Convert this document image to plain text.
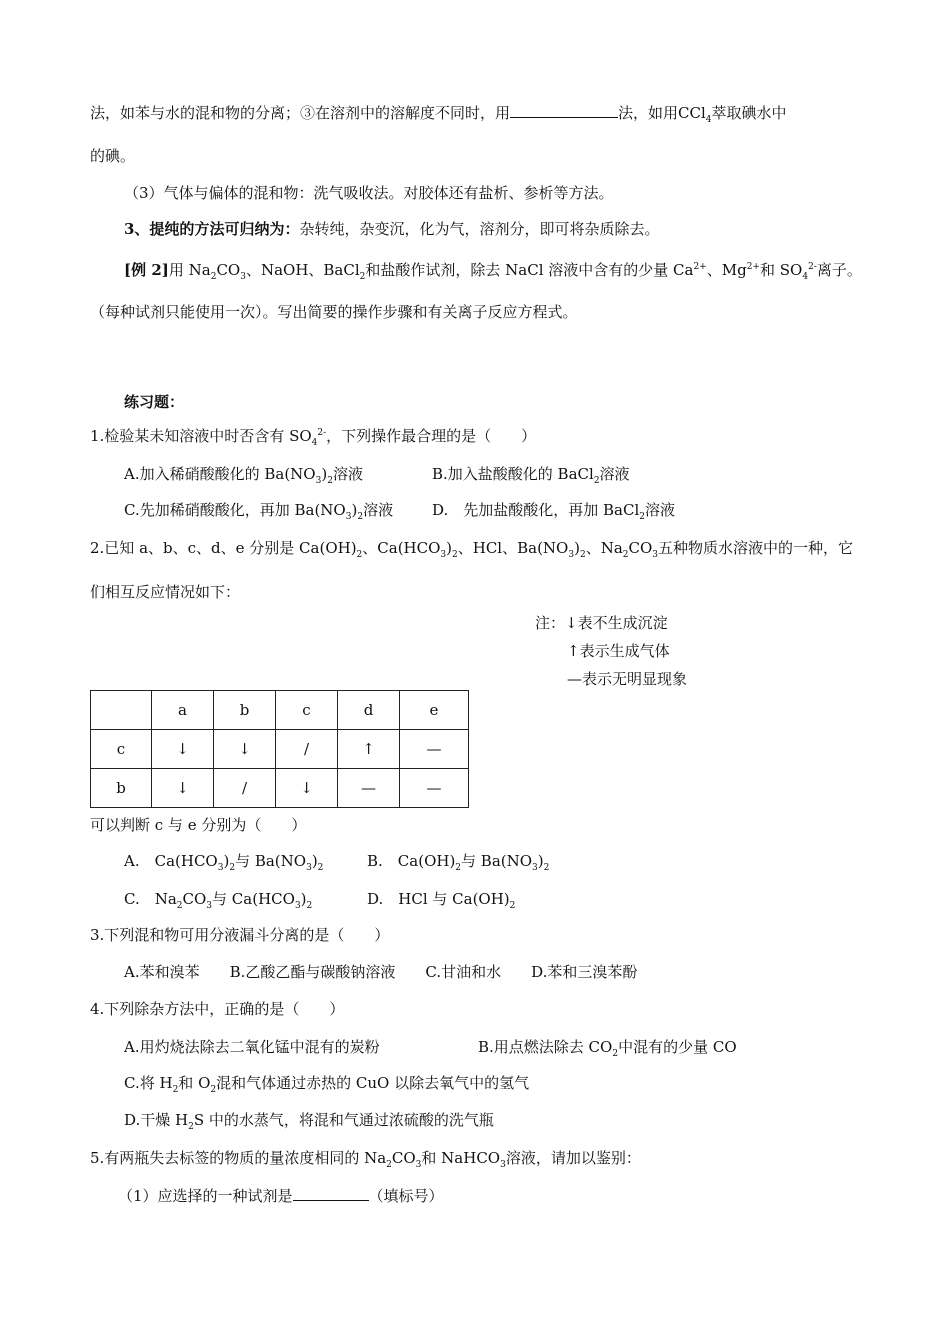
法，如苯与水的混和物的分离；③在溶剂中的溶解度不同时，用	法，如用CCl$_4$萃取碘水中
的碘。
（3）气体与偏体的混和物：洗气吸收法。对胶体还有盐析、参析等方法。
3、提纯的方法可归纳为：杂转纯，杂变沉，化为气，溶剂分，即可将杂质除去。
[例 2]用 $Na_2CO_3$、NaOH、BaCl$_2$和盐酸作试剂，除去 NaCl 溶液中含有的少量 $Ca^{2+}$、$Mg^{2+}$和 $SO_4^{2-}$离子。
（每种试剂只能使用一次）。写出简要的操作步骤和有关离子反应方程式。
练习题：
1.检验某未知溶液中时否含有 $SO_4^{2-}$，下列操作最合理的是（　　）
A.加入稀硝酸酸化的 $Ba(NO_3)_2$溶液	B.加入盐酸酸化的 BaCl$_2$溶液
C.先加稀硝酸酸化，再加 $Ba(NO_3)_2$溶液	D.　先加盐酸酸化，再加 BaCl$_2$溶液
2.已知 a、b、c、d、e 分别是 $Ca(OH)_2$、$Ca(HCO_3)_2$、HCl、$Ba(NO_3)_2$、$Na_2CO_3$五种物质水溶液中的一种，它
们相互反应情况如下：
注：↓表不生成沉淀
↑表示生成气体
—表示无明显现象
	a	b	c	d	e
c	↓	↓	/	↑	—
b	↓	/	↓	—	—
可以判断 c 与 e 分别为（　　）
A.　$Ca(HCO_3)_2$与 $Ba(NO_3)_2$	B.　$Ca(OH)_2$与 $Ba(NO_3)_2$
C.　$Na_2CO_3$与 $Ca(HCO_3)_2$	D.　HCl 与 $Ca(OH)_2$
3.下列混和物可用分液漏斗分离的是（　　）
A.苯和溴苯　　B.乙酸乙酯与碳酸钠溶液　　C.甘油和水　　D.苯和三溴苯酚
4.下列除杂方法中，正确的是（　　）
A.用灼烧法除去二氧化锰中混有的炭粉	B.用点燃法除去 $CO_2$中混有的少量 CO
C.将 $H_2$和 $O_2$混和气体通过赤热的 CuO 以除去氧气中的氢气
D.干燥 $H_2S$ 中的水蒸气，将混和气通过浓硫酸的洗气瓶
5.有两瓶失去标签的物质的量浓度相同的 $Na_2CO_3$和 NaHCO$_3$溶液，请加以鉴别：
（1）应选择的一种试剂是	（填标号）
